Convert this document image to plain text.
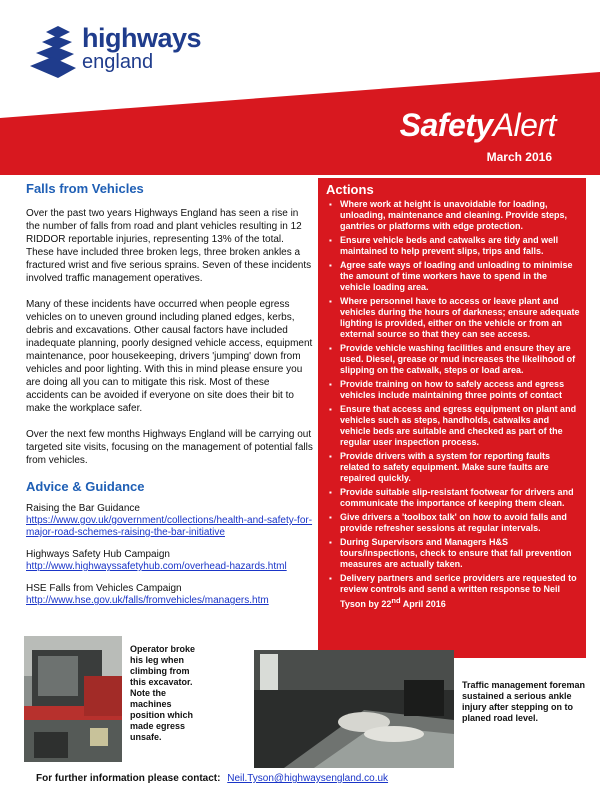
highways
england
SafetyAlert
March 2016
Falls from Vehicles

Over the past two years Highways England has seen a rise in the number of falls from road and plant vehicles resulting in 12 RIDDOR reportable injuries, representing 13% of the total. These have included three broken legs, three broken ankles a fractured wrist and five serious sprains. Seven of these incidents involved traffic management operatives.

Many of these incidents have occurred when people egress vehicles on to uneven ground including planed edges, kerbs, debris and excavations. Other causal factors have included inadequate planning, poorly designed vehicle access, equipment maintenance, poor housekeeping, drivers 'jumping' down from vehicles and poor lighting. With this in mind please ensure you are doing all you can to mitigate this risk. Most of these accidents can be avoided if everyone on site does their bit to make the workplace safer.

Over the next few months Highways England will be carrying out targeted site visits, focusing on the management of potential falls from vehicles.

Advice & Guidance
Raising the Bar Guidance
https://www.gov.uk/government/collections/health-and-safety-for-major-road-schemes-raising-the-bar-initiative
Highways Safety Hub Campaign
http://www.highwayssafetyhub.com/overhead-hazards.html
HSE Falls from Vehicles Campaign
http://www.hse.gov.uk/falls/fromvehicles/managers.htm
Actions
▪ Where work at height is unavoidable for loading, unloading, maintenance and cleaning. Provide steps, gantries or platforms with edge protection.
▪ Ensure vehicle beds and catwalks are tidy and well maintained to help prevent slips, trips and falls.
▪ Agree safe ways of loading and unloading to minimise the amount of time workers have to spend in the vehicle loading area.
▪ Where personnel have to access or leave plant and vehicles during the hours of darkness; ensure adequate lighting is provided, either on the vehicle or from an external source so that they can see access.
▪ Provide vehicle washing facilities and ensure they are used. Diesel, grease or mud increases the likelihood of slipping on the catwalk, steps or load area.
▪ Provide training on how to safely access and egress vehicles include maintaining three points of contact
▪ Ensure that access and egress equipment on plant and vehicles such as steps, handholds, catwalks and vehicle beds are suitable and checked as part of the regular user inspection process.
▪ Provide drivers with a system for reporting faults related to safety equipment. Make sure faults are repaired quickly.
▪ Provide suitable slip-resistant footwear for drivers and communicate the importance of keeping them clean.
▪ Give drivers a 'toolbox talk' on how to avoid falls and provide refresher sessions at regular intervals.
▪ During Supervisors and Managers H&S tours/inspections, check to ensure that fall prevention measures are actually taken.
▪ Delivery partners and serice providers are requested to review controls and send a written response to Neil Tyson by 22nd April 2016
Operator broke his leg when climbing from this excavator. Note the machines position which made egress unsafe.
Traffic management foreman sustained a serious ankle injury after stepping on to planed road level.
For further information please contact: Neil.Tyson@highwaysengland.co.uk
